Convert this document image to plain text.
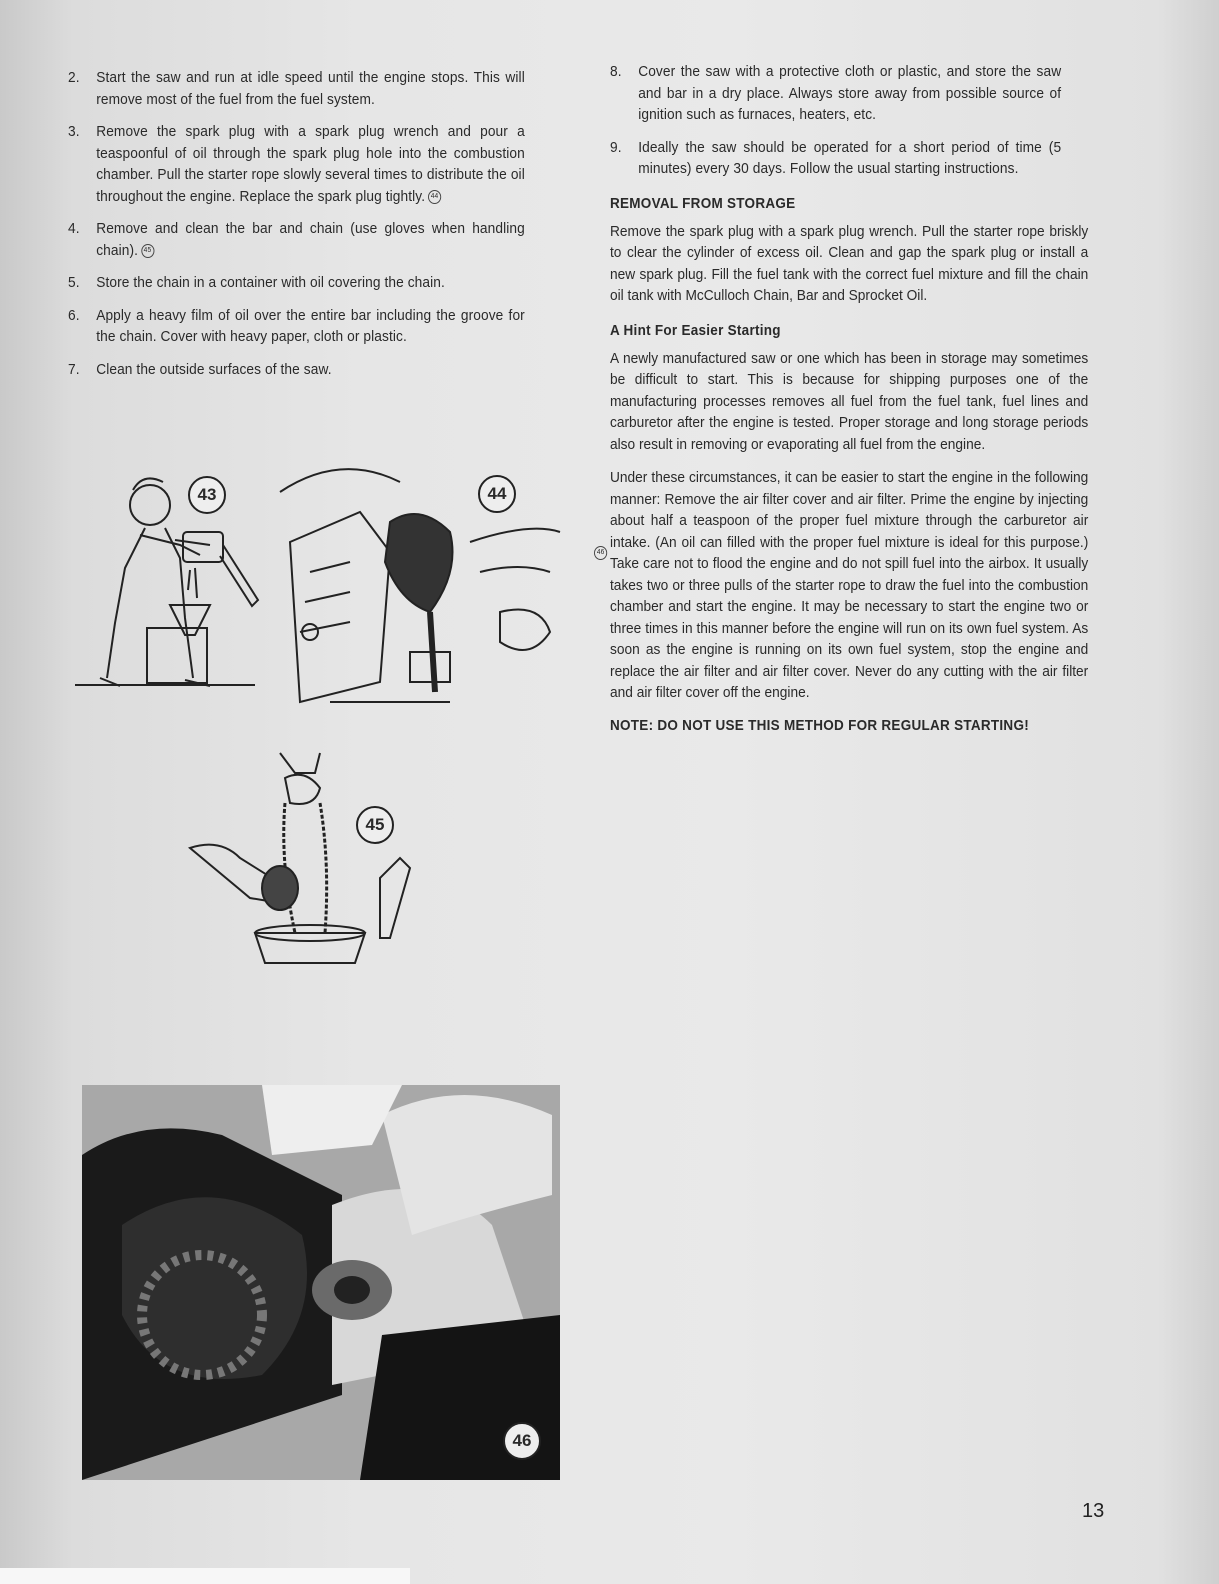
2.	Start the saw and run at idle speed until the engine stops. This will remove most of the fuel from the fuel system.
3.	Remove the spark plug with a spark plug wrench and pour a teaspoonful of oil through the spark plug hole into the combustion chamber. Pull the starter rope slowly several times to distribute the oil throughout the engine. Replace the spark plug tightly. 44
4.	Remove and clean the bar and chain (use gloves when handling chain). 45
5.	Store the chain in a container with oil covering the chain.
6.	Apply a heavy film of oil over the entire bar including the groove for the chain. Cover with heavy paper, cloth or plastic.
7.	Clean the outside surfaces of the saw.
43	44
45
46
8.	Cover the saw with a protective cloth or plastic, and store the saw and bar in a dry place. Always store away from possible source of ignition such as furnaces, heaters, etc.
9.	Ideally the saw should be operated for a short period of time (5 minutes) every 30 days. Follow the usual starting instructions.
REMOVAL FROM STORAGE

Remove the spark plug with a spark plug wrench. Pull the starter rope briskly to clear the cylinder of excess oil. Clean and gap the spark plug or install a new spark plug. Fill the fuel tank with the correct fuel mixture and fill the chain oil tank with McCulloch Chain, Bar and Sprocket Oil.

A Hint For Easier Starting

A newly manufactured saw or one which has been in storage may sometimes be difficult to start. This is because for shipping purposes one of the manufacturing processes removes all fuel from the fuel tank, fuel lines and carburetor after the engine is tested. Proper storage and long storage periods also result in removing or evaporating all fuel from the engine.

46
Under these circumstances, it can be easier to start the engine in the following manner: Remove the air filter cover and air filter. Prime the engine by injecting about half a teaspoon of the proper fuel mixture through the carburetor air intake. (An oil can filled with the proper fuel mixture is ideal for this purpose.) Take care not to flood the engine and do not spill fuel into the airbox. It usually takes two or three pulls of the starter rope to draw the fuel into the combustion chamber and start the engine. It may be necessary to start the engine two or three times in this manner before the engine will run on its own fuel system. As soon as the engine is running on its own fuel system, stop the engine and replace the air filter and air filter cover. Never do any cutting with the air filter and air filter cover off the engine.

NOTE: DO NOT USE THIS METHOD FOR REGULAR STARTING!
13
